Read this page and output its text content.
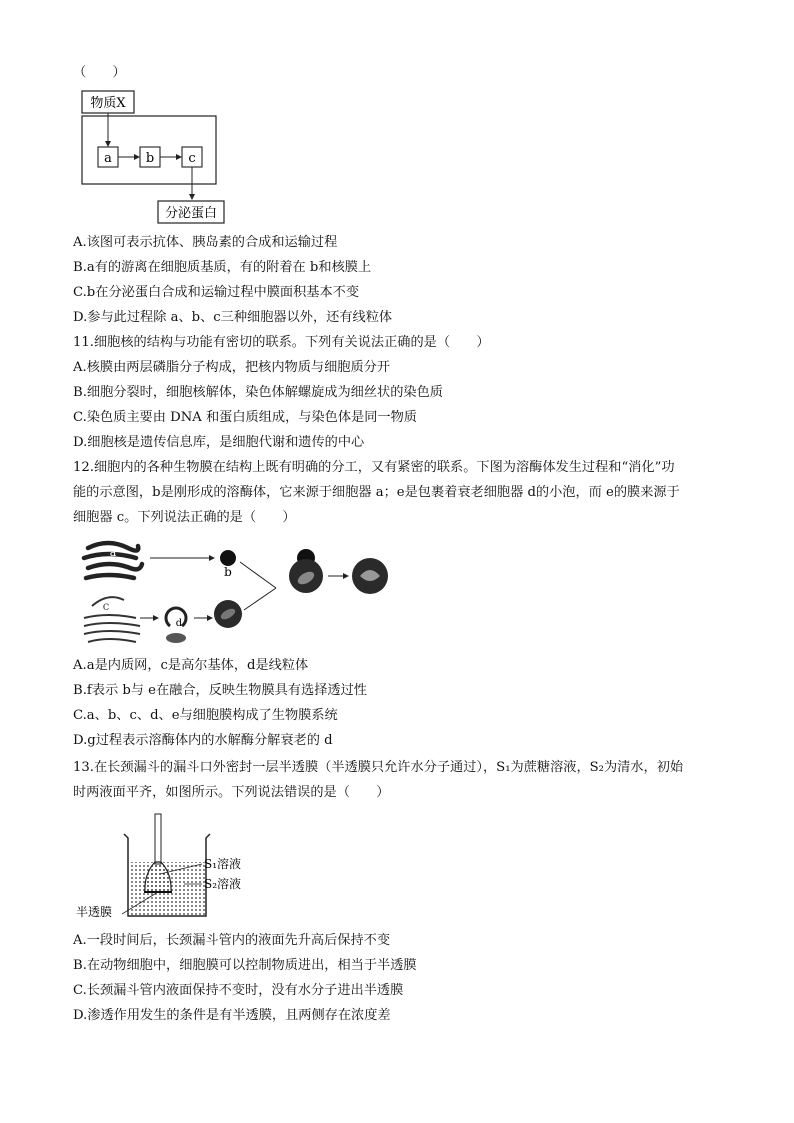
（　　）
物质X
a	b	c
分泌蛋白
A.该图可表示抗体、胰岛素的合成和运输过程
B.a有的游离在细胞质基质，有的附着在 b和核膜上
C.b在分泌蛋白合成和运输过程中膜面积基本不变
D.参与此过程除 a、b、c三种细胞器以外，还有线粒体
11.细胞核的结构与功能有密切的联系。下列有关说法正确的是（　　）
A.核膜由两层磷脂分子构成，把核内物质与细胞质分开
B.细胞分裂时，细胞核解体，染色体解螺旋成为细丝状的染色质
C.染色质主要由 DNA 和蛋白质组成，与染色体是同一物质
D.细胞核是遗传信息库，是细胞代谢和遗传的中心
12.细胞内的各种生物膜在结构上既有明确的分工，又有紧密的联系。下图为溶酶体发生过程和“消化”功
能的示意图，b是刚形成的溶酶体，它来源于细胞器 a；e是包裹着衰老细胞器 d的小泡，而 e的膜来源于
细胞器 c。下列说法正确的是（　　）
a
b
c
d
A.a是内质网，c是高尔基体，d是线粒体
B.f表示 b与 e在融合，反映生物膜具有选择透过性
C.a、b、c、d、e与细胞膜构成了生物膜系统
D.g过程表示溶酶体内的水解酶分解衰老的 d
13.在长颈漏斗的漏斗口外密封一层半透膜（半透膜只允许水分子通过），S₁为蔗糖溶液，S₂为清水，初始
时两液面平齐，如图所示。下列说法错误的是（　　）
S₁溶液
S₂溶液
半透膜
A.一段时间后，长颈漏斗管内的液面先升高后保持不变
B.在动物细胞中，细胞膜可以控制物质进出，相当于半透膜
C.长颈漏斗管内液面保持不变时，没有水分子进出半透膜
D.渗透作用发生的条件是有半透膜，且两侧存在浓度差
